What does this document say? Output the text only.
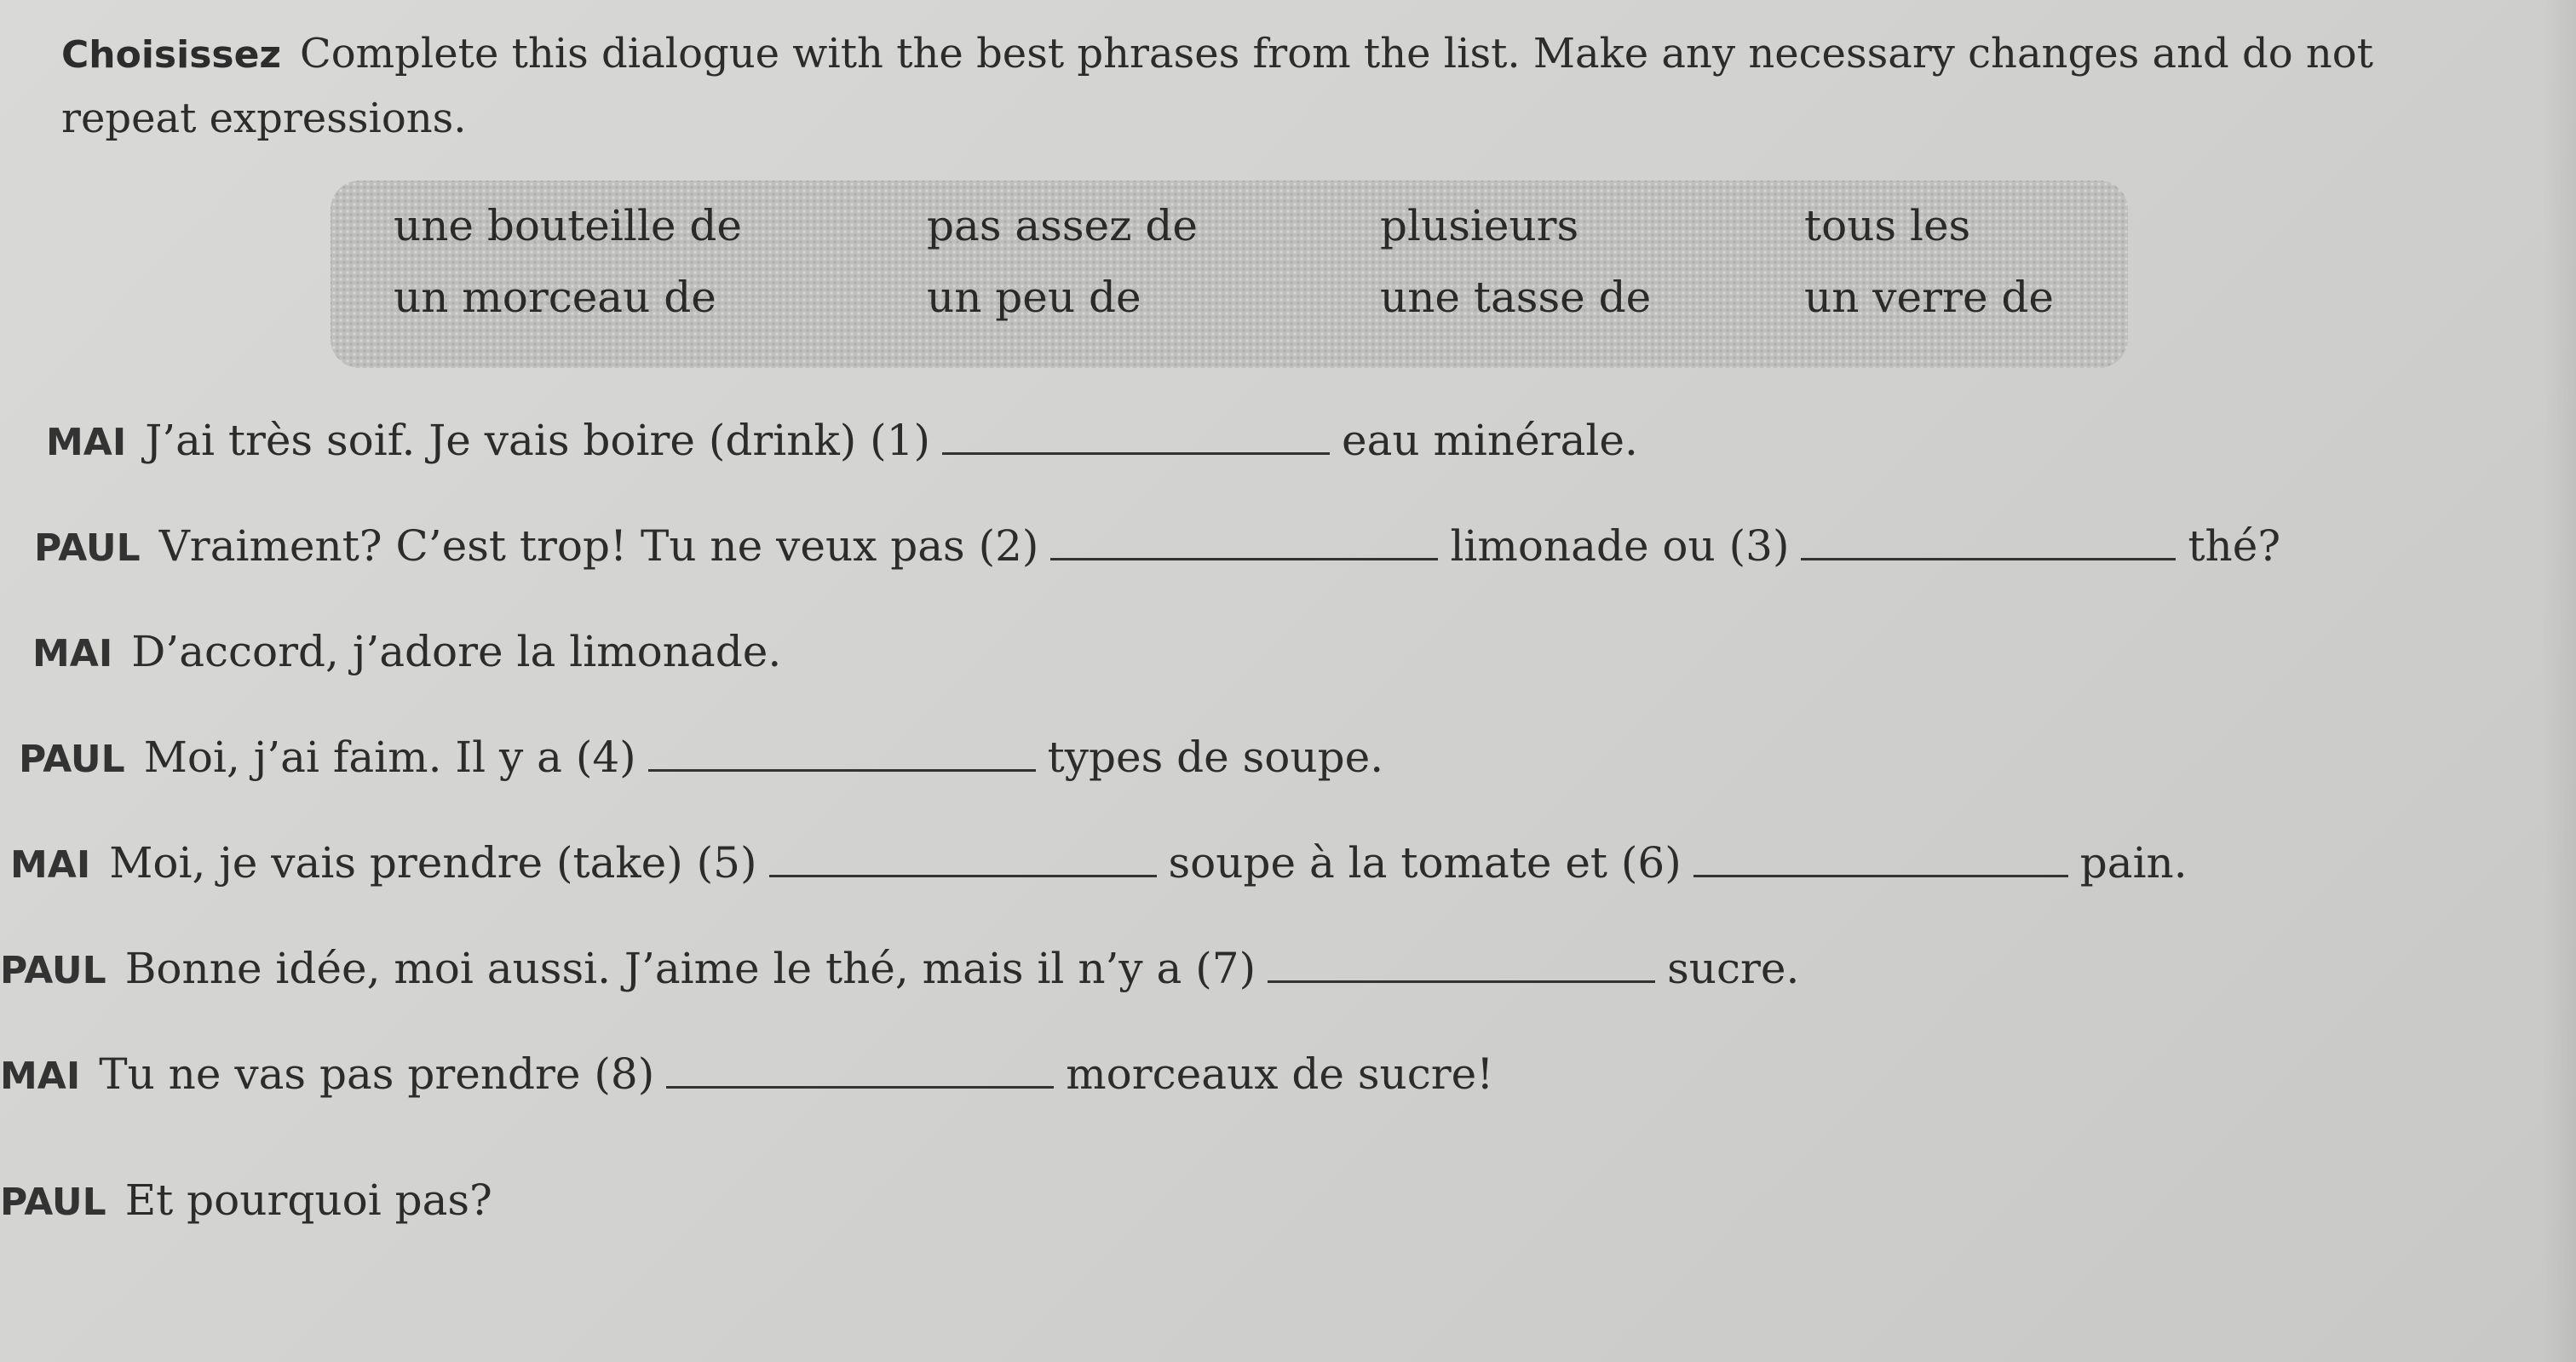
Choisissez Complete this dialogue with the best phrases from the list. Make any necessary changes and do not repeat expressions.
une bouteille de	pas assez de	plusieurs	tous les
un morceau de	un peu de	une tasse de	un verre de
MAI J’ai très soif. Je vais boire (drink) (1)	eau minérale.
PAUL Vraiment? C’est trop! Tu ne veux pas (2)	limonade ou (3)	thé?
MAI D’accord, j’adore la limonade.
PAUL Moi, j’ai faim. Il y a (4)	types de soupe.
MAI Moi, je vais prendre (take) (5)	soupe à la tomate et (6)	pain.
PAUL Bonne idée, moi aussi. J’aime le thé, mais il n’y a (7)	sucre.
MAI Tu ne vas pas prendre (8)	morceaux de sucre!
PAUL Et pourquoi pas?
